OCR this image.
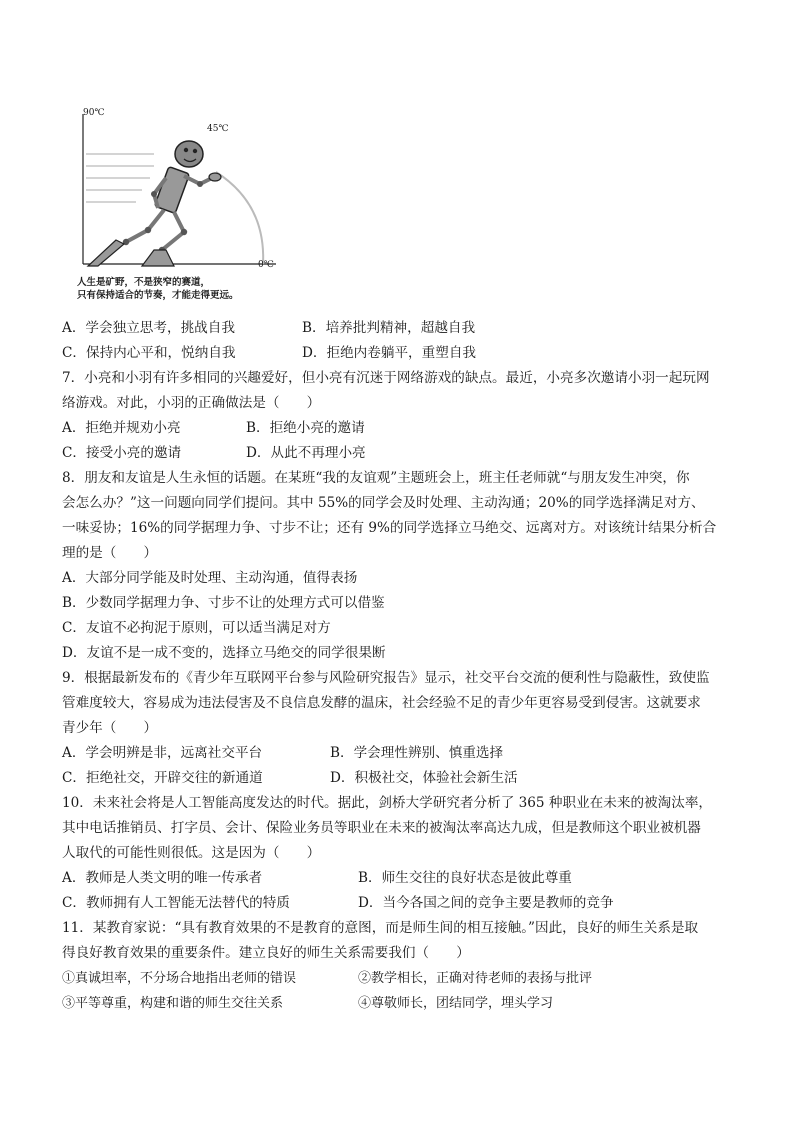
90℃
45℃
0℃
人生是矿野，不是狭窄的赛道，
只有保持适合的节奏，才能走得更远。
A．学会独立思考，挑战自我	B．培养批判精神，超越自我
C．保持内心平和，悦纳自我	D．拒绝内卷躺平，重塑自我
7．小亮和小羽有许多相同的兴趣爱好，但小亮有沉迷于网络游戏的缺点。最近，小亮多次邀请小羽一起玩网
络游戏。对此，小羽的正确做法是（　　）
A．拒绝并规劝小亮	B．拒绝小亮的邀请
C．接受小亮的邀请	D．从此不再理小亮
8．朋友和友谊是人生永恒的话题。在某班“我的友谊观”主题班会上，班主任老师就“与朋友发生冲突，你
会怎么办？”这一问题向同学们提问。其中 55%的同学会及时处理、主动沟通；20%的同学选择满足对方、
一味妥协；16%的同学据理力争、寸步不让；还有 9%的同学选择立马绝交、远离对方。对该统计结果分析合
理的是（　　）
A．大部分同学能及时处理、主动沟通，值得表扬
B．少数同学据理力争、寸步不让的处理方式可以借鉴
C．友谊不必拘泥于原则，可以适当满足对方
D．友谊不是一成不变的，选择立马绝交的同学很果断
9．根据最新发布的《青少年互联网平台参与风险研究报告》显示，社交平台交流的便利性与隐蔽性，致使监
管难度较大，容易成为违法侵害及不良信息发酵的温床，社会经验不足的青少年更容易受到侵害。这就要求
青少年（　　）
A．学会明辨是非，远离社交平台	B．学会理性辨别、慎重选择
C．拒绝社交，开辟交往的新通道	D．积极社交，体验社会新生活
10．未来社会将是人工智能高度发达的时代。据此，剑桥大学研究者分析了 365 种职业在未来的被淘汰率，
其中电话推销员、打字员、会计、保险业务员等职业在未来的被淘汰率高达九成，但是教师这个职业被机器
人取代的可能性则很低。这是因为（　　）
A．教师是人类文明的唯一传承者	B．师生交往的良好状态是彼此尊重
C．教师拥有人工智能无法替代的特质	D．当今各国之间的竞争主要是教师的竞争
11．某教育家说：“具有教育效果的不是教育的意图，而是师生间的相互接触。”因此，良好的师生关系是取
得良好教育效果的重要条件。建立良好的师生关系需要我们（　　）
①真诚坦率，不分场合地指出老师的错误	②教学相长，正确对待老师的表扬与批评
③平等尊重，构建和谐的师生交往关系	④尊敬师长，团结同学，埋头学习
